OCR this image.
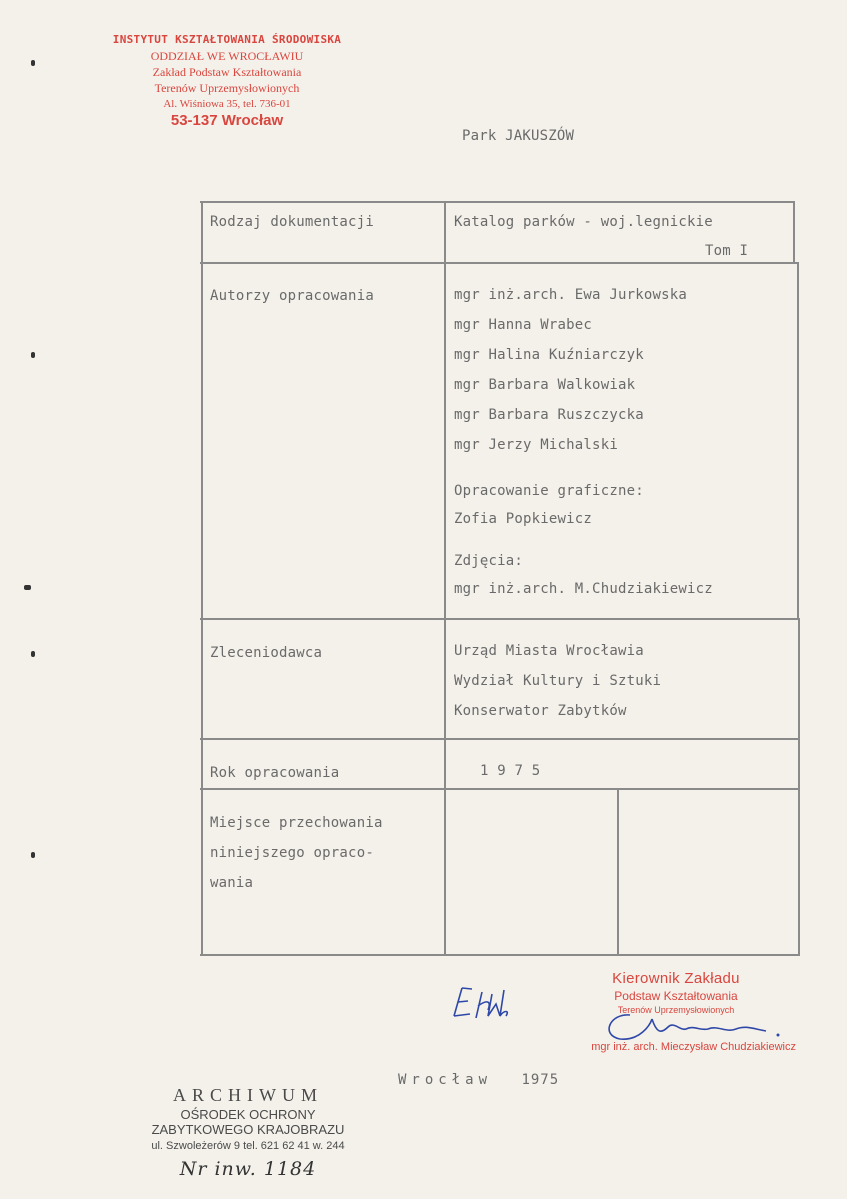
INSTYTUT KSZTAŁTOWANIA ŚRODOWISKA
ODDZIAŁ WE WROCŁAWIU
Zakład Podstaw Kształtowania
Terenów Uprzemysłowionych
Al. Wiśniowa 35, tel. 736-01
53-137 Wrocław
Park JAKUSZÓW
Rodzaj dokumentacji	Katalog parków - woj.legnickie
Tom I
Autorzy opracowania	mgr inż.arch. Ewa Jurkowska
mgr Hanna Wrabec
mgr Halina Kuźniarczyk
mgr Barbara Walkowiak
mgr Barbara Ruszczycka
mgr Jerzy Michalski
Opracowanie graficzne:
Zofia Popkiewicz
Zdjęcia:
mgr inż.arch. M.Chudziakiewicz
Zleceniodawca	Urząd Miasta Wrocławia
Wydział Kultury i Sztuki
Konserwator Zabytków
Rok opracowania	1 9 7 5
Miejsce przechowania
niniejszego opraco-
wania
Kierownik Zakładu
Podstaw Kształtowania
Terenów Uprzemysłowionych
mgr inż. arch. Mieczysław Chudziakiewicz
Wrocław 1975
ARCHIWUM
OŚRODEK OCHRONY
ZABYTKOWEGO KRAJOBRAZU
ul. Szwoleżerów 9 tel. 621 62 41 w. 244
Nr inw. 1184
